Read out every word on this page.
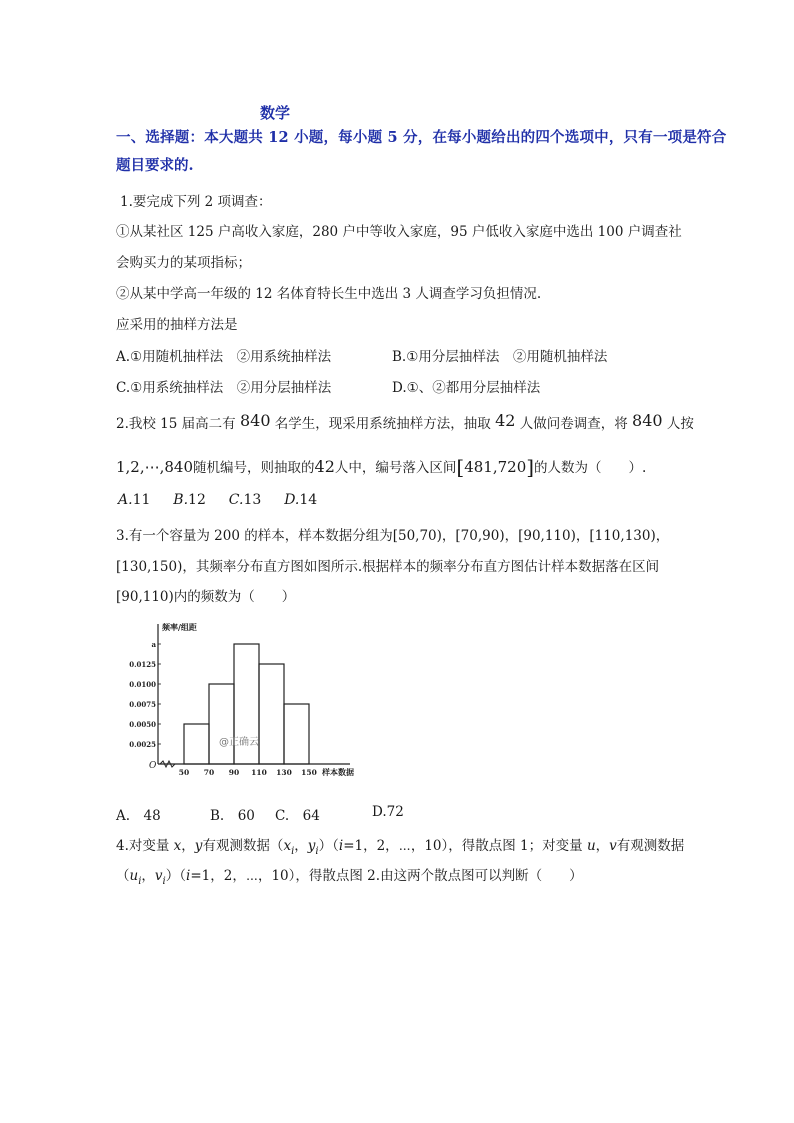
数学
一、选择题：本大题共 12 小题，每小题 5 分，在每小题给出的四个选项中，只有一项是符合
题目要求的.
1.要完成下列 2 项调查：
①从某社区 125 户高收入家庭，280 户中等收入家庭，95 户低收入家庭中选出 100 户调查社
会购买力的某项指标；
②从某中学高一年级的 12 名体育特长生中选出 3 人调查学习负担情况.
应采用的抽样方法是
A.①用随机抽样法　②用系统抽样法	B.①用分层抽样法　②用随机抽样法
C.①用系统抽样法　②用分层抽样法	D.①、②都用分层抽样法
2.我校 15 届高二有 840 名学生，现采用系统抽样方法，抽取 42 人做问卷调查，将 840 人按
1,2,⋯,840随机编号，则抽取的42人中，编号落入区间[481,720]的人数为（　　）.
A.11 B.12 C.13 D.14
3.有一个容量为 200 的样本，样本数据分组为[50,70)，[70,90)，[90,110)，[110,130)，
[130,150)，其频率分布直方图如图所示.根据样本的频率分布直方图估计样本数据落在区间
[90,110)内的频数为（　　）
频率/组距
样本数据
O
0.0025
0.0050
0.0075
0.0100
0.0125
a
50 70 90 110 130 150
@正确云
A.　48	B.　60 C.　64	D.72
4.对变量 x，y有观测数据（$x_i$，$y_i)(i=1$，2，⋯，10），得散点图 1；对变量 u，v有观测数据
（$u_i$，$v_i)(i=1$，2，⋯，10），得散点图 2.由这两个散点图可以判断（　　）
